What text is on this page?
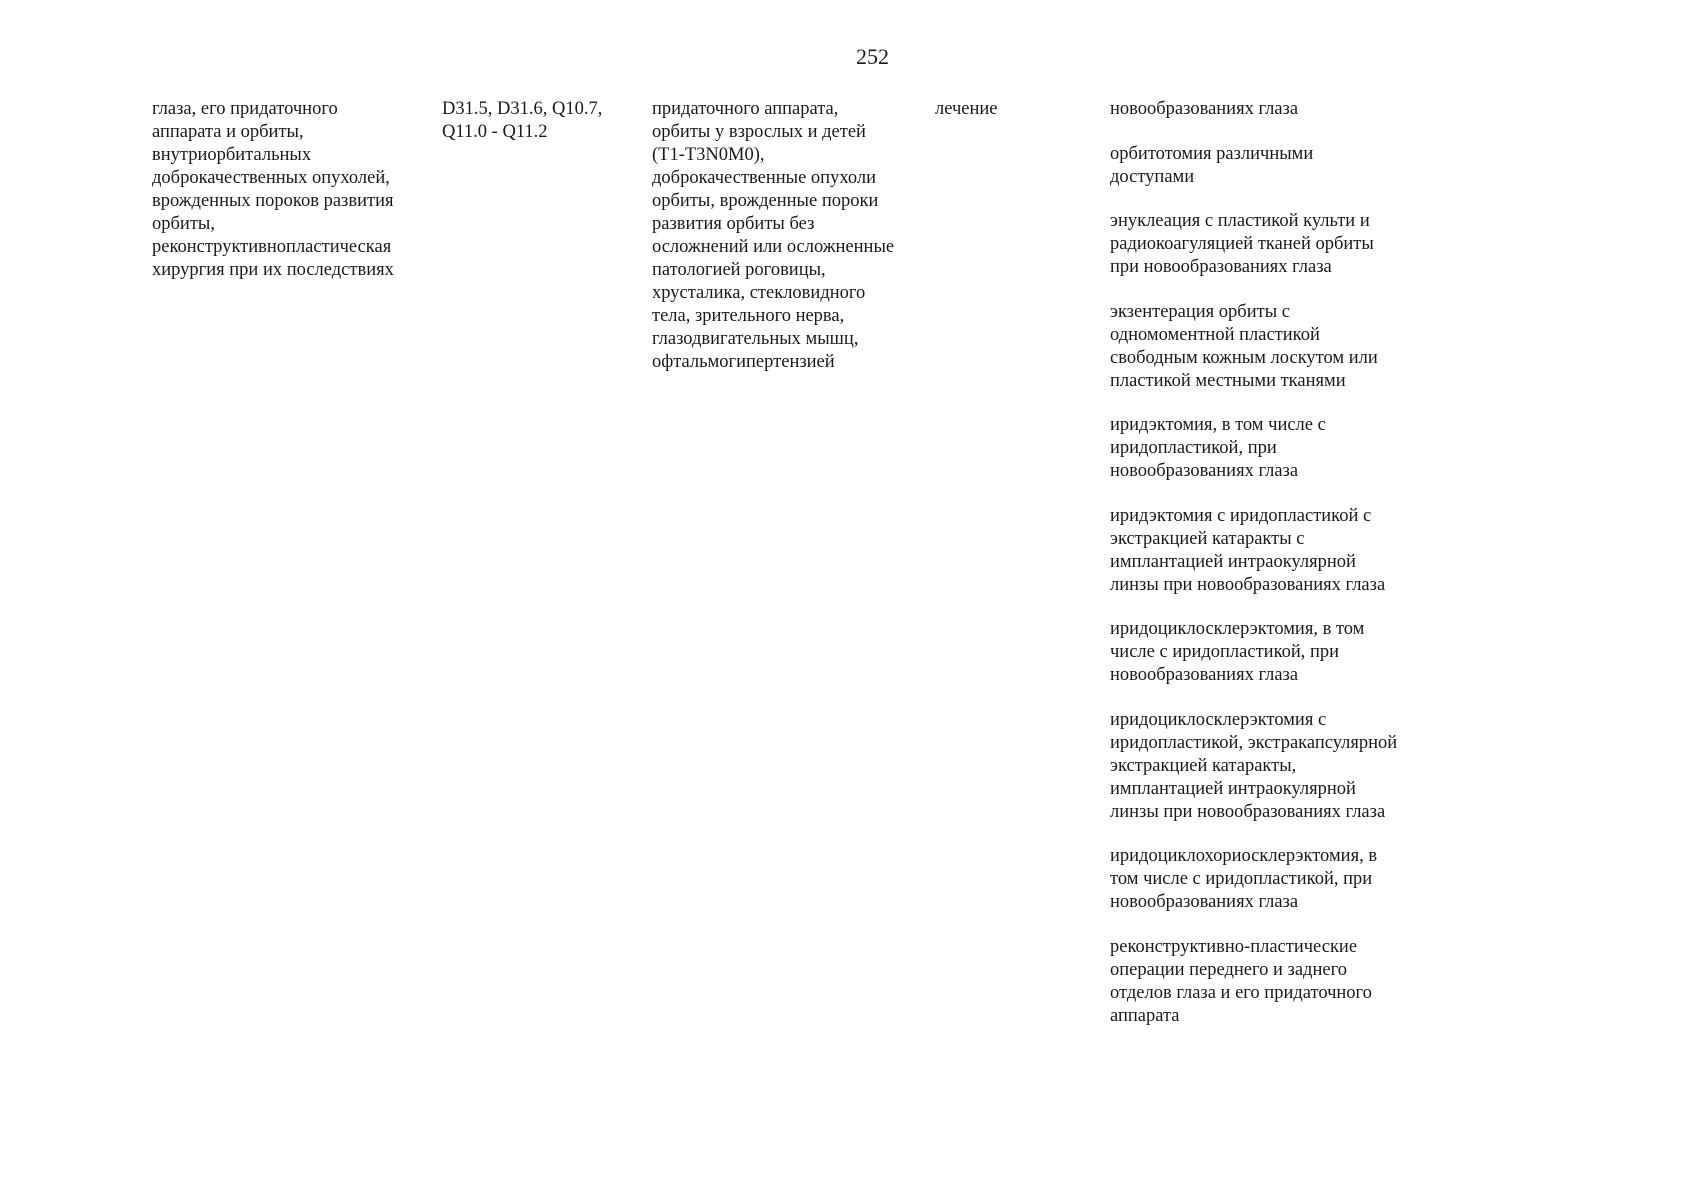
252
глаза, его придаточного
аппарата и орбиты,
внутриорбитальных
доброкачественных опухолей,
врожденных пороков развития
орбиты,
реконструктивнопластическая
хирургия при их последствиях
D31.5, D31.6, Q10.7,
Q11.0 - Q11.2
придаточного аппарата,
орбиты у взрослых и детей
(T1-T3N0M0),
доброкачественные опухоли
орбиты, врожденные пороки
развития орбиты без
осложнений или осложненные
патологией роговицы,
хрусталика, стекловидного
тела, зрительного нерва,
глазодвигательных мышц,
офтальмогипертензией
лечение	новообразованиях глаза
орбитотомия различными
доступами
энуклеация с пластикой культи и
радиокоагуляцией тканей орбиты
при новообразованиях глаза
экзентерация орбиты с
одномоментной пластикой
свободным кожным лоскутом или
пластикой местными тканями
иридэктомия, в том числе с
иридопластикой, при
новообразованиях глаза
иридэктомия с иридопластикой с
экстракцией катаракты с
имплантацией интраокулярной
линзы при новообразованиях глаза
иридоциклосклерэктомия, в том
числе с иридопластикой, при
новообразованиях глаза
иридоциклосклерэктомия с
иридопластикой, экстракапсулярной
экстракцией катаракты,
имплантацией интраокулярной
линзы при новообразованиях глаза
иридоциклохориосклерэктомия, в
том числе с иридопластикой, при
новообразованиях глаза
реконструктивно-пластические
операции переднего и заднего
отделов глаза и его придаточного
аппарата
